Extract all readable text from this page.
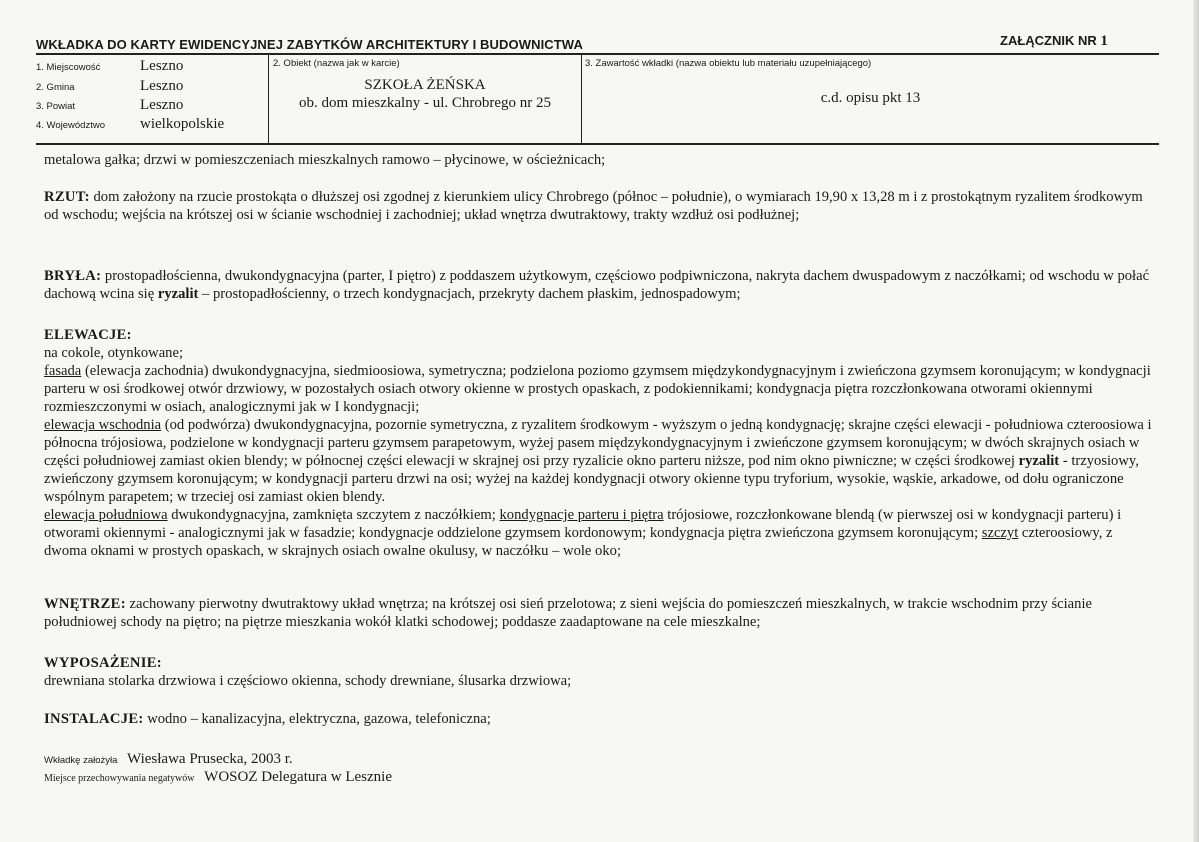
WKŁADKA DO KARTY EWIDENCYJNEJ ZABYTKÓW ARCHITEKTURY I BUDOWNICTWA	ZAŁĄCZNIK NR 1
1. Miejscowość	Leszno
2. Gmina	Leszno
3. Powiat	Leszno
4. Województwo wielkopolskie
2. Obiekt (nazwa jak w karcie)
SZKOŁA ŻEŃSKA
ob. dom mieszkalny - ul. Chrobrego nr 25
3. Zawartość wkładki (nazwa obiektu lub materiału uzupełniającego)
c.d. opisu pkt 13
metalowa gałka; drzwi w pomieszczeniach mieszkalnych ramowo – płycinowe, w ościeżnicach;
RZUT: dom założony na rzucie prostokąta o dłuższej osi zgodnej z kierunkiem ulicy Chrobrego (północ – południe), o wymiarach 19,90 x 13,28 m i z prostokątnym ryzalitem środkowym od wschodu; wejścia na krótszej osi w ścianie wschodniej i zachodniej; układ wnętrza dwutraktowy, trakty wzdłuż osi podłużnej;
BRYŁA: prostopadłościenna, dwukondygnacyjna (parter, I piętro) z poddaszem użytkowym, częściowo podpiwniczona, nakryta dachem dwuspadowym z naczółkami; od wschodu w połać dachową wcina się ryzalit – prostopadłościenny, o trzech kondygnacjach, przekryty dachem płaskim, jednospadowym;
ELEWACJE:
na cokole, otynkowane;
fasada (elewacja zachodnia) dwukondygnacyjna, siedmioosiowa, symetryczna; podzielona poziomo gzymsem międzykondygnacyjnym i zwieńczona gzymsem koronującym; w kondygnacji parteru w osi środkowej otwór drzwiowy, w pozostałych osiach otwory okienne w prostych opaskach, z podokiennikami; kondygnacja piętra rozczłonkowana otworami okiennymi rozmieszczonymi w osiach, analogicznymi jak w I kondygnacji;
elewacja wschodnia (od podwórza) dwukondygnacyjna, pozornie symetryczna, z ryzalitem środkowym - wyższym o jedną kondygnację; skrajne części elewacji - południowa czteroosiowa i północna trójosiowa, podzielone w kondygnacji parteru gzymsem parapetowym, wyżej pasem międzykondygnacyjnym i zwieńczone gzymsem koronującym; w dwóch skrajnych osiach w części południowej zamiast okien blendy; w północnej części elewacji w skrajnej osi przy ryzalicie okno parteru niższe, pod nim okno piwniczne; w części środkowej ryzalit - trzyosiowy, zwieńczony gzymsem koronującym; w kondygnacji parteru drzwi na osi; wyżej na każdej kondygnacji otwory okienne typu tryforium, wysokie, wąskie, arkadowe, od dołu ograniczone wspólnym parapetem; w trzeciej osi zamiast okien blendy.
elewacja południowa dwukondygnacyjna, zamknięta szczytem z naczółkiem; kondygnacje parteru i piętra trójosiowe, rozczłonkowane blendą (w pierwszej osi w kondygnacji parteru) i otworami okiennymi - analogicznymi jak w fasadzie; kondygnacje oddzielone gzymsem kordonowym; kondygnacja piętra zwieńczona gzymsem koronującym; szczyt czteroosiowy, z dwoma oknami w prostych opaskach, w skrajnych osiach owalne okulusy, w naczółku – wole oko;
WNĘTRZE: zachowany pierwotny dwutraktowy układ wnętrza; na krótszej osi sień przelotowa; z sieni wejścia do pomieszczeń mieszkalnych, w trakcie wschodnim przy ścianie południowej schody na piętro; na piętrze mieszkania wokół klatki schodowej; poddasze zaadaptowane na cele mieszkalne;
WYPOSAŻENIE:
drewniana stolarka drzwiowa i częściowo okienna, schody drewniane, ślusarka drzwiowa;
INSTALACJE: wodno – kanalizacyjna, elektryczna, gazowa, telefoniczna;
Wkładkę założyła Wiesława Prusecka, 2003 r.
Miejsce przechowywania negatywów WOSOZ Delegatura w Lesznie
